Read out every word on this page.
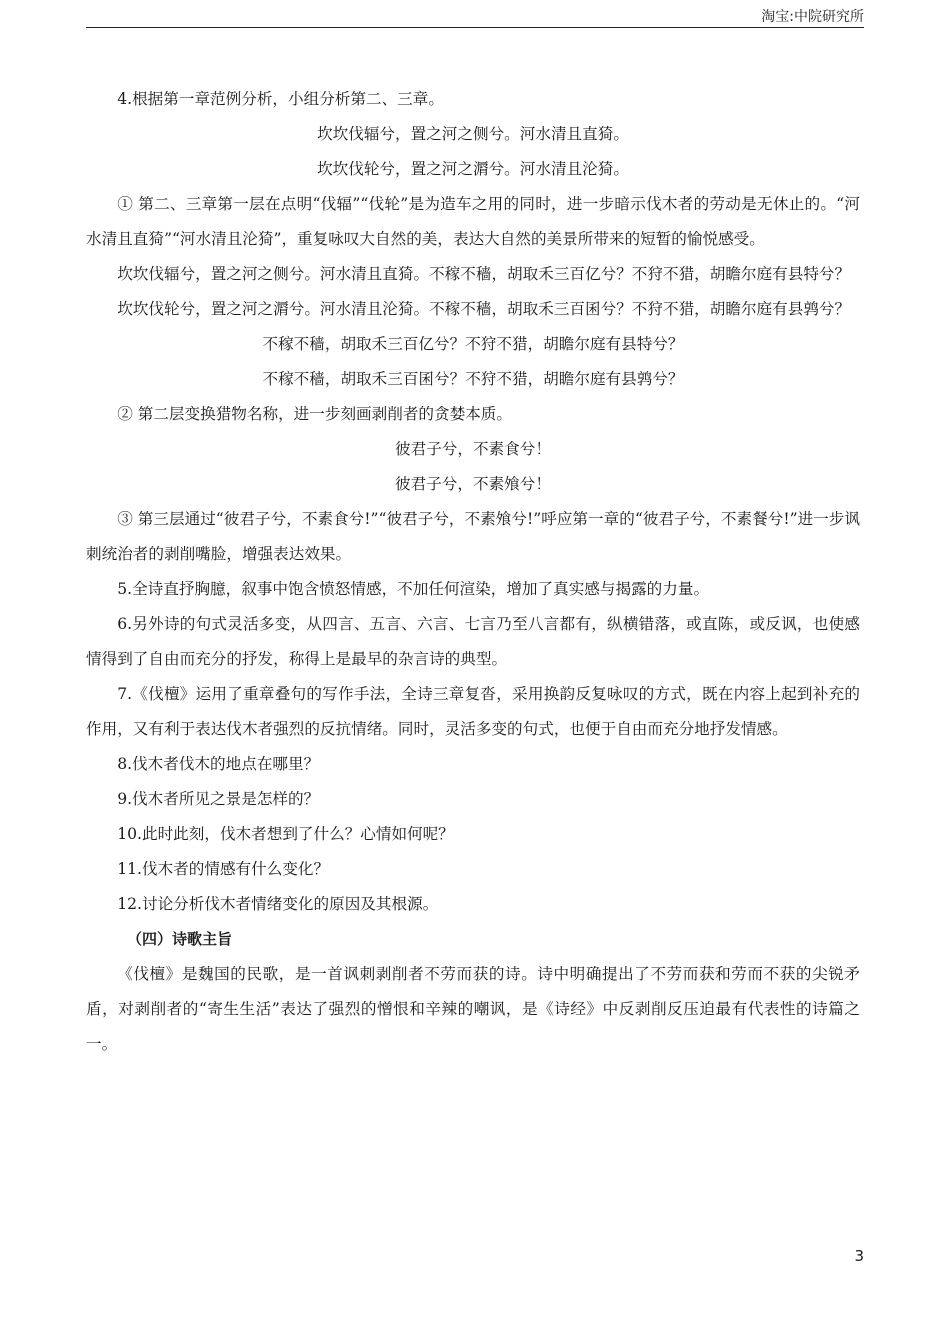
淘宝:中院研究所

4.根据第一章范例分析，小组分析第二、三章。

坎坎伐辐兮，置之河之侧兮。河水清且直猗。

坎坎伐轮兮，置之河之漘兮。河水清且沦猗。

① 第二、三章第一层在点明“伐辐”“伐轮”是为造车之用的同时，进一步暗示伐木者的劳动是无休止的。“河水清且直猗”“河水清且沦猗”，重复咏叹大自然的美，表达大自然的美景所带来的短暂的愉悦感受。

坎坎伐辐兮，置之河之侧兮。河水清且直猗。不稼不穑，胡取禾三百亿兮？不狩不猎，胡瞻尔庭有县特兮？

坎坎伐轮兮，置之河之漘兮。河水清且沦猗。不稼不穑，胡取禾三百囷兮？不狩不猎，胡瞻尔庭有县鹑兮？

不稼不穑，胡取禾三百亿兮？不狩不猎，胡瞻尔庭有县特兮？

不稼不穑，胡取禾三百囷兮？不狩不猎，胡瞻尔庭有县鹑兮？

② 第二层变换猎物名称，进一步刻画剥削者的贪婪本质。

彼君子兮，不素食兮！

彼君子兮，不素飧兮！

③ 第三层通过“彼君子兮，不素食兮!”“彼君子兮，不素飧兮!”呼应第一章的“彼君子兮，不素餐兮!”进一步讽刺统治者的剥削嘴脸，增强表达效果。

5.全诗直抒胸臆，叙事中饱含愤怒情感，不加任何渲染，增加了真实感与揭露的力量。

6.另外诗的句式灵活多变，从四言、五言、六言、七言乃至八言都有，纵横错落，或直陈，或反讽，也使感情得到了自由而充分的抒发，称得上是最早的杂言诗的典型。

7.《伐檀》运用了重章叠句的写作手法，全诗三章复沓，采用换韵反复咏叹的方式，既在内容上起到补充的作用，又有利于表达伐木者强烈的反抗情绪。同时，灵活多变的句式，也便于自由而充分地抒发情感。

8.伐木者伐木的地点在哪里？

9.伐木者所见之景是怎样的？

10.此时此刻，伐木者想到了什么？心情如何呢？

11.伐木者的情感有什么变化？

12.讨论分析伐木者情绪变化的原因及其根源。

（四）诗歌主旨

《伐檀》是魏国的民歌，是一首讽刺剥削者不劳而获的诗。诗中明确提出了不劳而获和劳而不获的尖锐矛盾，对剥削者的“寄生生活”表达了强烈的憎恨和辛辣的嘲讽，是《诗经》中反剥削反压迫最有代表性的诗篇之一。

3
